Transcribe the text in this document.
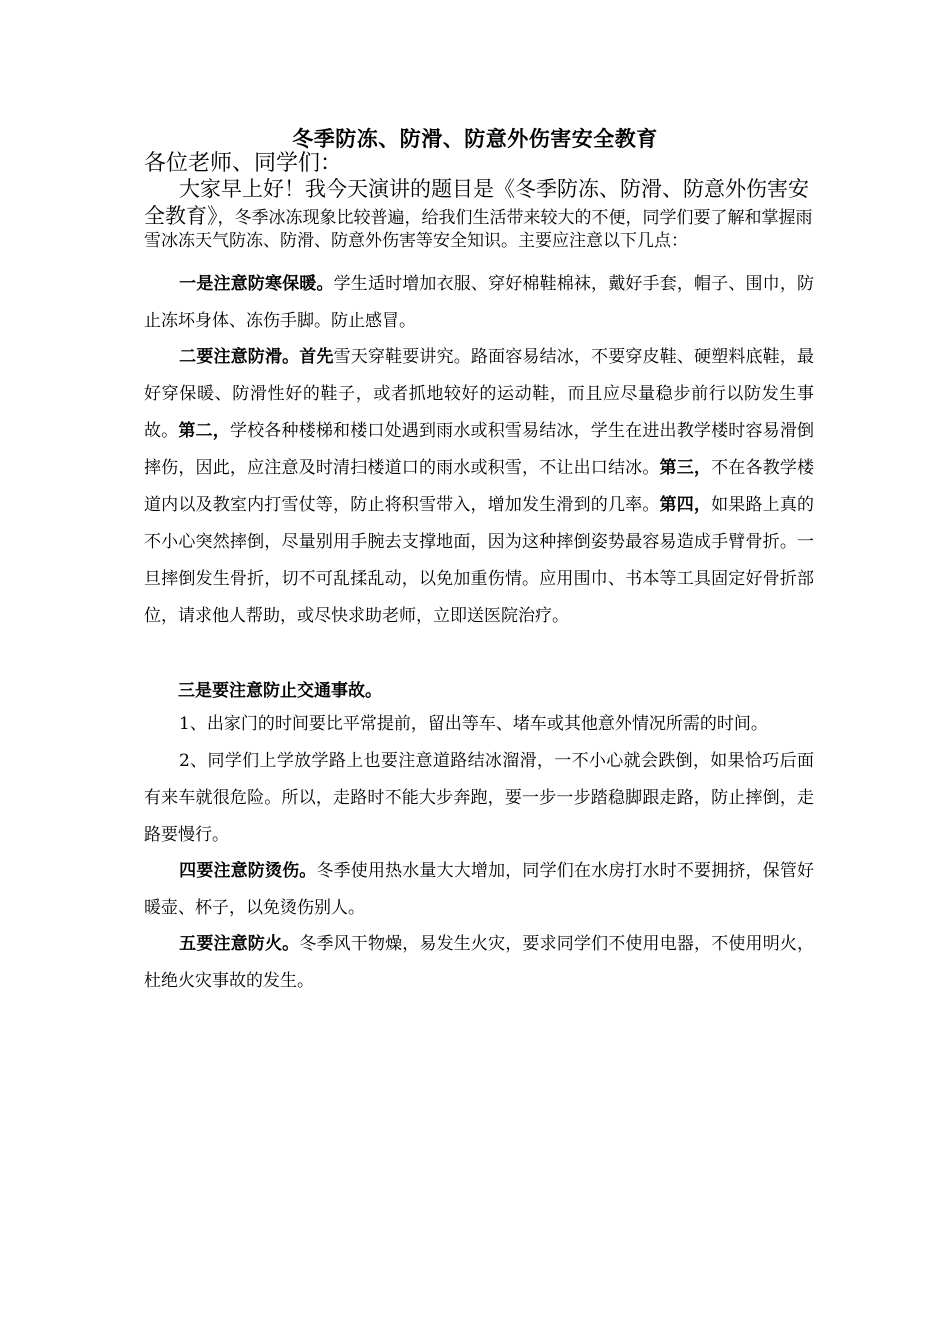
冬季防冻、防滑、防意外伤害安全教育
各位老师、同学们：
大家早上好！我今天演讲的题目是《冬季防冻、防滑、防意外伤害安全教育》，冬季冰冻现象比较普遍，给我们生活带来较大的不便，同学们要了解和掌握雨雪冰冻天气防冻、防滑、防意外伤害等安全知识。主要应注意以下几点：
一是注意防寒保暖。学生适时增加衣服、穿好棉鞋棉袜，戴好手套，帽子、围巾，防止冻坏身体、冻伤手脚。防止感冒。
二要注意防滑。首先雪天穿鞋要讲究。路面容易结冰，不要穿皮鞋、硬塑料底鞋，最好穿保暖、防滑性好的鞋子，或者抓地较好的运动鞋，而且应尽量稳步前行以防发生事故。第二，学校各种楼梯和楼口处遇到雨水或积雪易结冰，学生在进出教学楼时容易滑倒摔伤，因此，应注意及时清扫楼道口的雨水或积雪，不让出口结冰。第三，不在各教学楼道内以及教室内打雪仗等，防止将积雪带入，增加发生滑到的几率。第四，如果路上真的不小心突然摔倒，尽量别用手腕去支撑地面，因为这种摔倒姿势最容易造成手臂骨折。一旦摔倒发生骨折，切不可乱揉乱动，以免加重伤情。应用围巾、书本等工具固定好骨折部位，请求他人帮助，或尽快求助老师，立即送医院治疗。
三是要注意防止交通事故。
1、出家门的时间要比平常提前，留出等车、堵车或其他意外情况所需的时间。
2、同学们上学放学路上也要注意道路结冰溜滑，一不小心就会跌倒，如果恰巧后面有来车就很危险。所以，走路时不能大步奔跑，要一步一步踏稳脚跟走路，防止摔倒，走路要慢行。
四要注意防烫伤。冬季使用热水量大大增加，同学们在水房打水时不要拥挤，保管好暖壶、杯子，以免烫伤别人。
五要注意防火。冬季风干物燥，易发生火灾，要求同学们不使用电器，不使用明火，杜绝火灾事故的发生。
